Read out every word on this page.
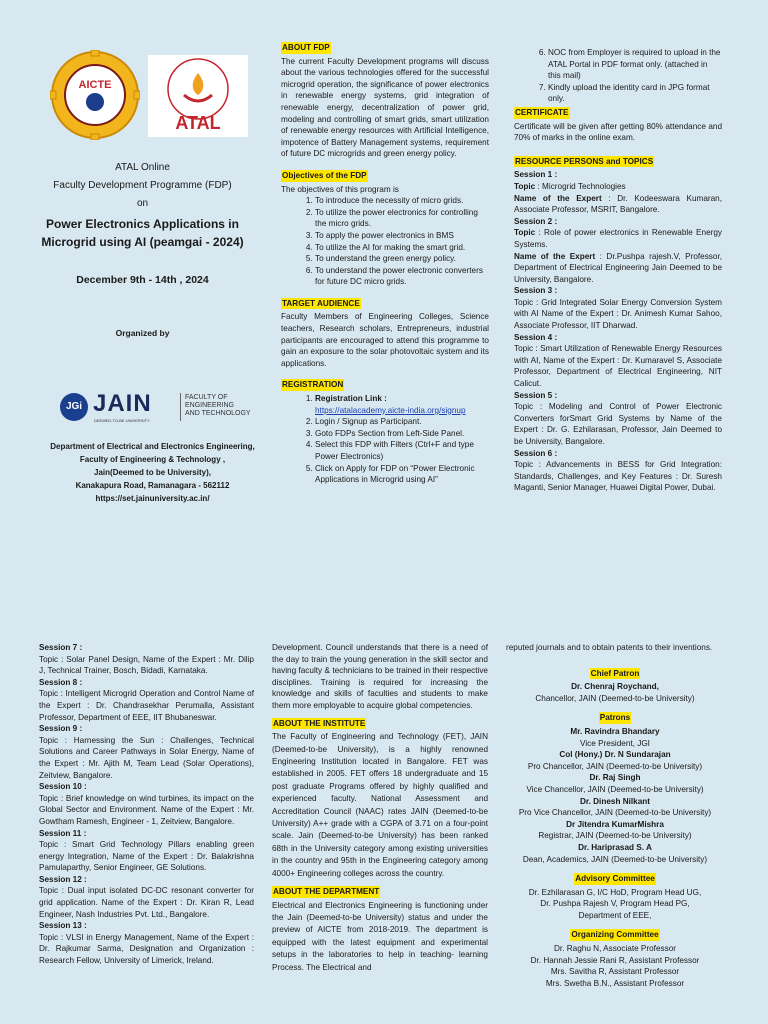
AICTE
ATAL
ATAL Online
Faculty Development Programme (FDP)
on
Power Electronics Applications in Microgrid using AI (peamgai - 2024)
December 9th - 14th , 2024
Organized by
JGi JAIN
DEEMED-TO-BE UNIVERSITY
FACULTY OF
ENGINEERING
AND TECHNOLOGY
Department of Electrical and Electronics Engineering,
Faculty of Engineering & Technology ,
Jain(Deemed to be University),
Kanakapura Road, Ramanagara - 562112
https://set.jainuniversity.ac.in/
ABOUT FDP
The current Faculty Development programs will discuss about the various technologies offered for the successful microgrid operation, the significance of power electronics in renewable energy systems, grid integration of renewable energy, decentralization of power grid, modeling and controlling of smart grids, smart utilization of renewable energy resources with Artificial Intelligence, impotence of Battery Management systems, requirement of future DC microgrids and green energy policy.
Objectives of the FDP
The objectives of this program is
1. To introduce the necessity of micro grids.
2. To utilize the power electronics for controlling the micro grids.
3. To apply the power electronics in BMS
4. To utilize the AI for making the smart grid.
5. To understand the green energy policy.
6. To understand the power electronic converters for future DC micro grids.
TARGET AUDIENCE
Faculty Members of Engineering Colleges, Science teachers, Research scholars, Entrepreneurs, industrial participants are encouraged to attend this programme to gain an exposure to the solar photovoltaic system and its applications.
REGISTRATION
1. Registration Link :
https://atalacademy.aicte-india.org/signup
2. Login / Signup as Participant.
3. Goto FDPs Section from Left-Side Panel.
4. Select this FDP with Filters (Ctrl+F and type Power Electronics)
5. Click on Apply for FDP on “Power Electronic Applications in Microgrid using AI”
6. NOC from Employer is required to upload in the ATAL Portal in PDF format only. (attached in this mail)
7. Kindly upload the identity card in JPG format only.
CERTIFICATE
Certificate will be given after getting 80% attendance and 70% of marks in the online exam.
RESOURCE PERSONS and TOPICS
Session 1 :
Topic : Microgrid Technologies
Name of the Expert : Dr. Kodeeswara Kumaran, Associate Professor, MSRIT, Bangalore.
Session 2 :
Topic : Role of power electronics in Renewable Energy Systems.
Name of the Expert : Dr.Pushpa rajesh.V, Professor, Department of Electrical Engineering Jain Deemed to be University, Bangalore.
Session 3 :
Topic : Grid Integrated Solar Energy Conversion System with AI Name of the Expert : Dr. Animesh Kumar Sahoo, Associate Professor, IIT Dharwad.
Session 4 :
Topic : Smart Utilization of Renewable Energy Resources with AI, Name of the Expert : Dr. Kumaravel S, Associate Professor, Department of Electrical Engineering, NIT Calicut.
Session 5 :
Topic : Modeling and Control of Power Electronic Converters forSmart Grid Systems by Name of the Expert : Dr. G. Ezhilarasan, Professor, Jain Deemed to be University, Bangalore.
Session 6 :
Topic : Advancements in BESS for Grid Integration: Standards, Challenges, and Key Features : Dr. Suresh Maganti, Senior Manager, Huawei Digital Power, Dubai.
Session 7 :
Topic : Solar Panel Design, Name of the Expert : Mr. Dilip J, Technical Trainer, Bosch, Bidadi, Karnataka.
Session 8 :
Topic : Intelligent Microgrid Operation and Control Name of the Expert : Dr. Chandrasekhar Perumalla, Assistant Professor, Department of EEE, IIT Bhubaneswar.
Session 9 :
Topic : Harnessing the Sun : Challenges, Technical Solutions and Career Pathways in Solar Energy, Name of the Expert : Mr. Ajith M, Team Lead (Solar Operations), Zeitview, Bangalore.
Session 10 :
Topic : Brief knowledge on wind turbines, its impact on the Global Sector and Environment. Name of the Expert : Mr. Gowtham Ramesh, Engineer - 1, Zeitview, Bangalore.
Session 11 :
Topic : Smart Grid Technology Pillars enabling green energy Integration, Name of the Expert : Dr. Balakrishna Pamulaparthy, Senior Engineer, GE Solutions.
Session 12 :
Topic : Dual input isolated DC-DC resonant converter for grid application. Name of the Expert : Dr. Kiran R, Lead Engineer, Nash Industries Pvt. Ltd., Bangalore.
Session 13 :
Topic : VLSI in Energy Management, Name of the Expert : Dr. Rajkumar Sarma, Designation and Organization : Research Fellow, University of Limerick, Ireland.
Development. Council understands that there is a need of the day to train the young generation in the skill sector and having faculty & technicians to be trained in their respective disciplines. Training is required for increasing the knowledge and skills of faculties and students to make them more employable to acquire global competencies.
ABOUT THE INSTITUTE
The Faculty of Engineering and Technology (FET), JAIN (Deemed-to-be University), is a highly renowned Engineering Institution located in Bangalore. FET was established in 2005. FET offers 18 undergraduate and 15 post graduate Programs offered by highly qualified and experienced faculty. National Assessment and Accreditation Council (NAAC) rates JAIN (Deemed-to-be University) A++ grade with a CGPA of 3.71 on a four-point scale. Jain (Deemed-to-be University) has been ranked 68th in the University category among existing universities in the country and 95th in the Engineering category among 4000+ Engineering colleges across the country.
ABOUT THE DEPARTMENT
Electrical and Electronics Engineering is functioning under the Jain (Deemed-to-be University) status and under the preview of AICTE from 2018-2019. The department is equipped with the latest equipment and experimental setups in the laboratories to help in teaching- learning Process. The Electrical and
reputed journals and to obtain patents to their inventions.
Chief Patron
Dr. Chenraj Roychand,
Chancellor, JAIN (Deemed-to-be University)
Patrons
Mr. Ravindra Bhandary
Vice President, JGI
Col (Hony.) Dr. N Sundarajan
Pro Chancellor, JAIN (Deemed-to-be University)
Dr. Raj Singh
Vice Chancellor, JAIN (Deemed-to-be University)
Dr. Dinesh Nilkant
Pro Vice Chancellor, JAIN (Deemed-to-be University)
Dr Jitendra KumarMishra
Registrar, JAIN (Deemed-to-be University)
Dr. Hariprasad S. A
Dean, Academics, JAIN (Deemed-to-be University)
Advisory Committee
Dr. Ezhilarasan G, I/C HoD, Program Head UG,
Dr. Pushpa Rajesh V, Program Head PG,
Department of EEE,
Organizing Committee
Dr. Raghu N, Associate Professor
Dr. Hannah Jessie Rani R, Assistant Professor
Mrs. Savitha R, Assistant Professor
Mrs. Swetha B.N., Assistant Professor
